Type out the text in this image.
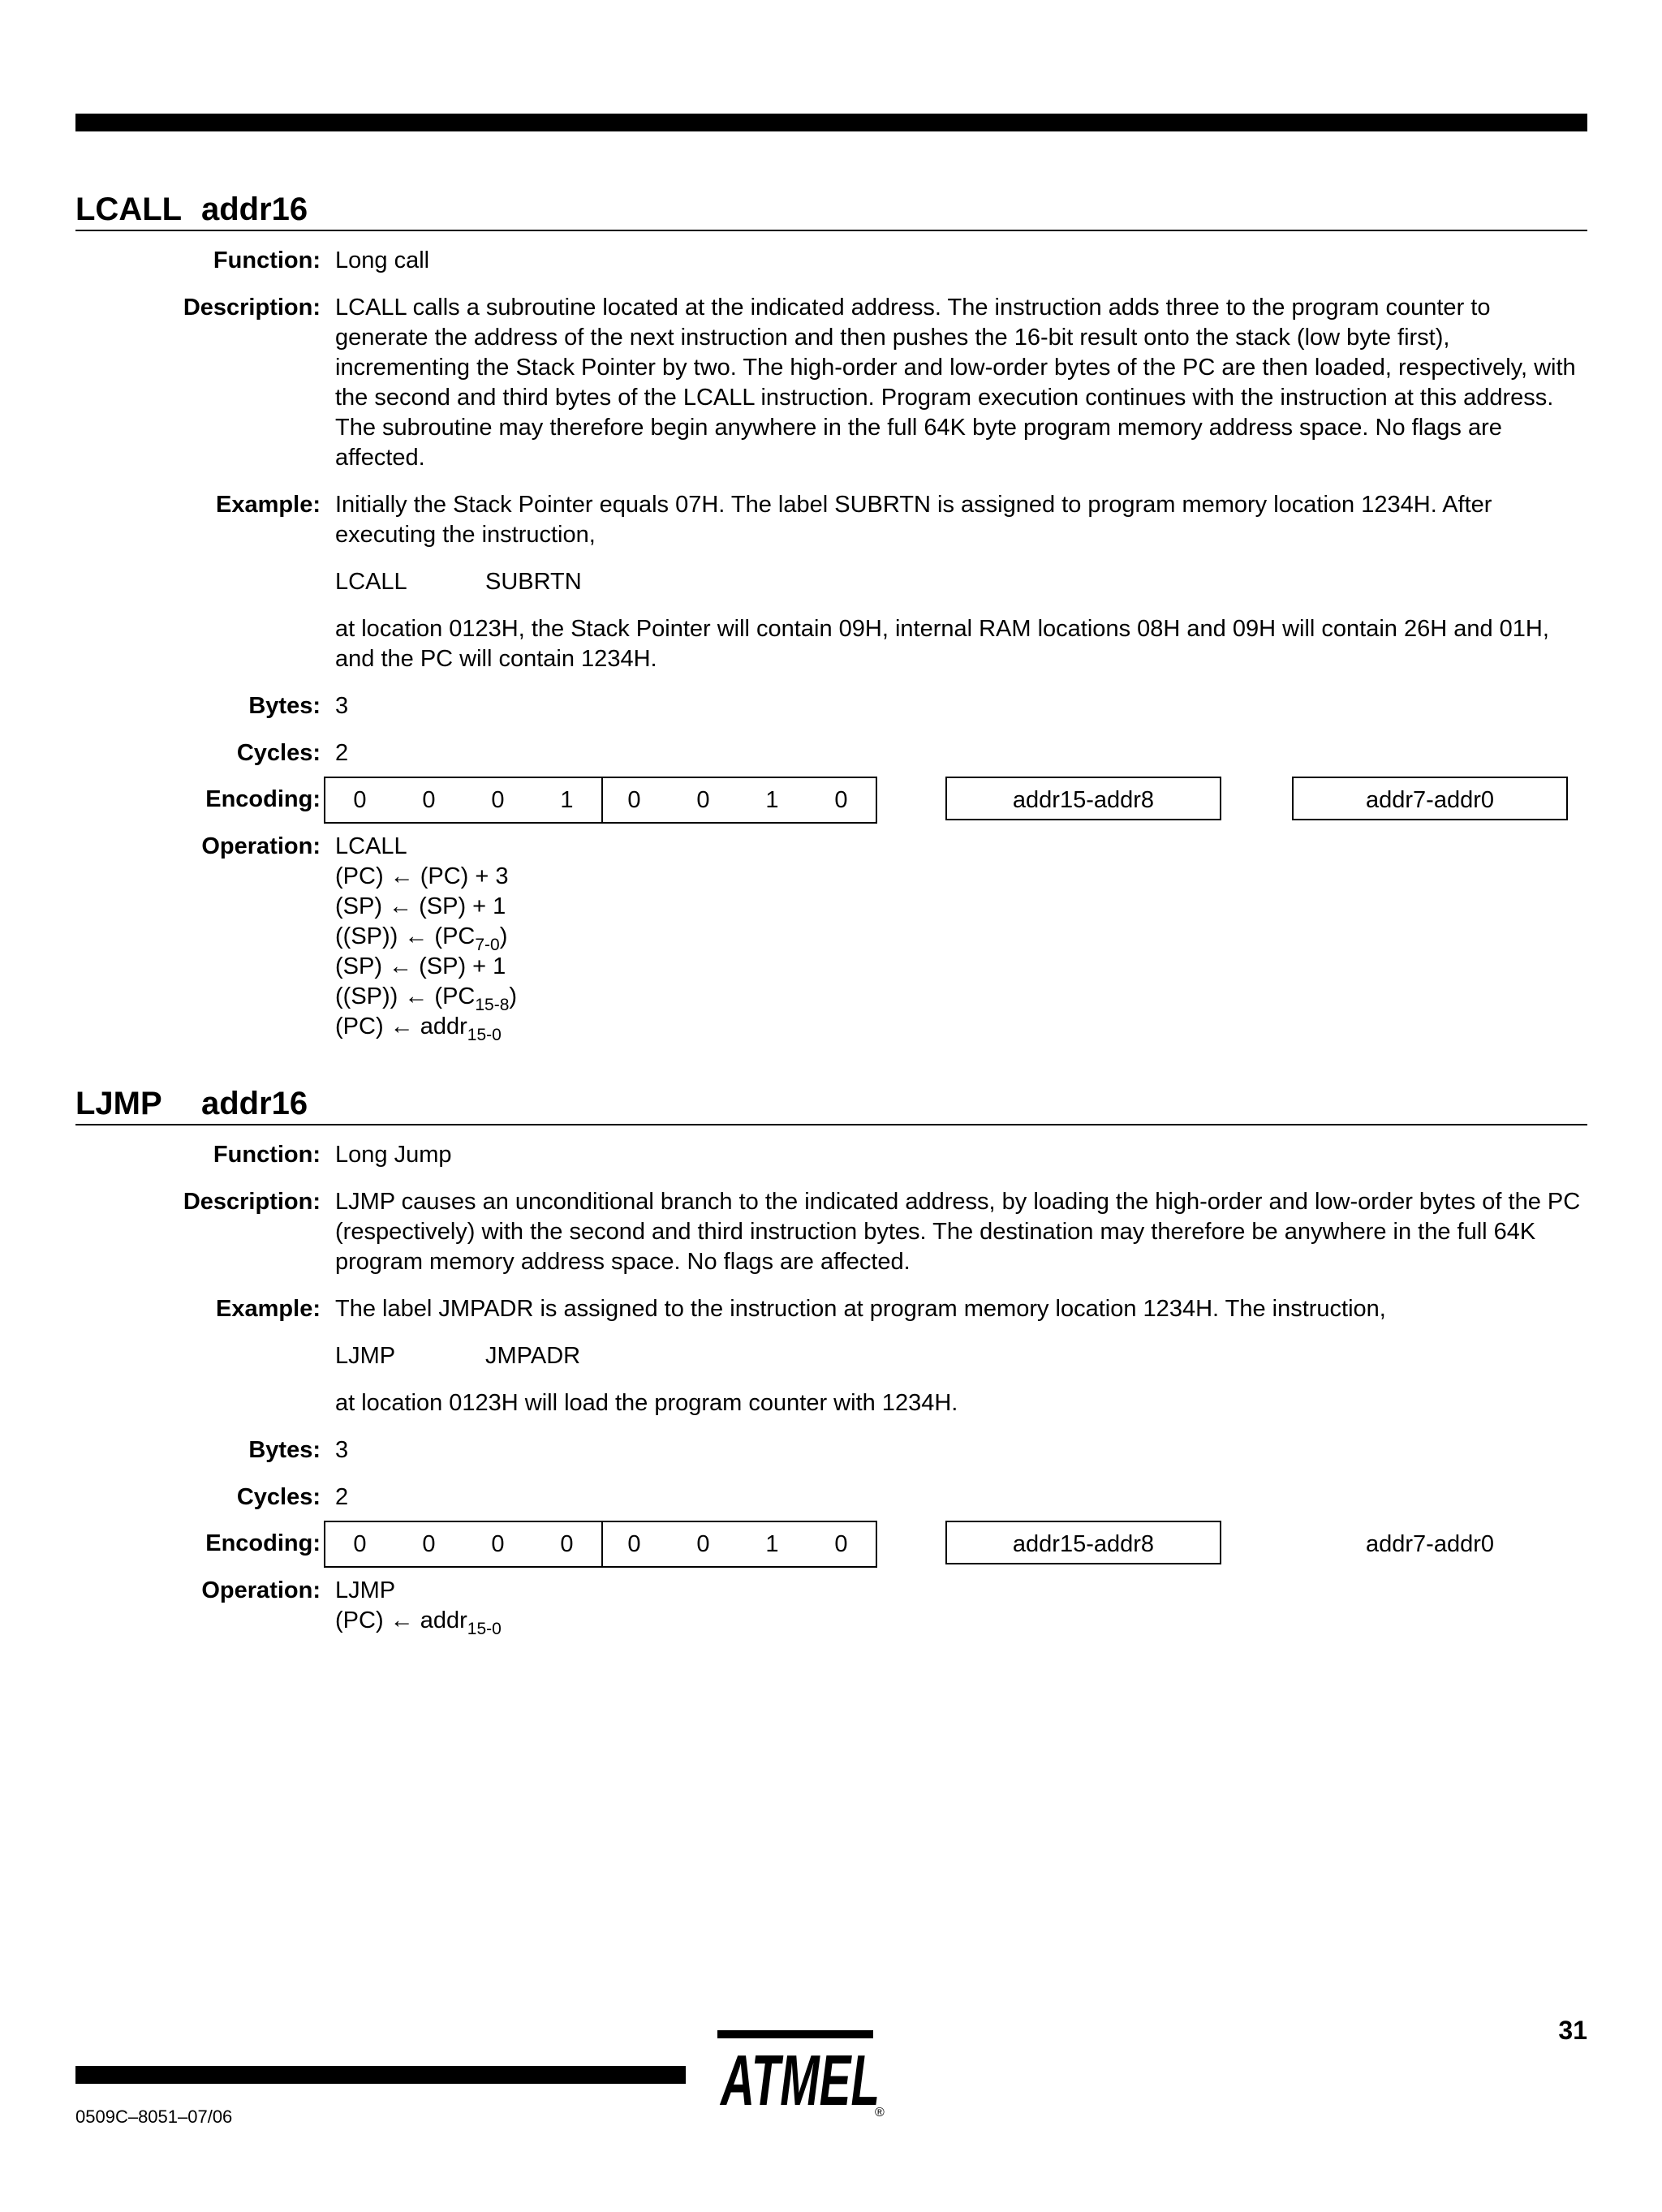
LCALL addr16
Function: Long call

Description: LCALL calls a subroutine located at the indicated address. The instruction adds three to the program counter to generate the address of the next instruction and then pushes the 16-bit result onto the stack (low byte first), incrementing the Stack Pointer by two. The high-order and low-order bytes of the PC are then loaded, respectively, with the second and third bytes of the LCALL instruction. Program execution continues with the instruction at this address. The subroutine may therefore begin anywhere in the full 64K byte program memory address space. No flags are affected.

Example: Initially the Stack Pointer equals 07H. The label SUBRTN is assigned to program memory location 1234H. After executing the instruction,

LCALL	SUBRTN

at location 0123H, the Stack Pointer will contain 09H, internal RAM locations 08H and 09H will contain 26H and 01H, and the PC will contain 1234H.

Bytes: 3

Cycles: 2

Encoding:	0	0	0	1	0	0	1	0	addr15-addr8	addr7-addr0
Operation: LCALL

(PC) ← (PC) + 3

(SP) ← (SP) + 1

((SP)) ← $(PC_{7-0})$

(SP) ← (SP) + 1

((SP)) ← $(PC_{15-8})$

(PC) ← addr$_{15-0}$

LJMP addr16
Function: Long Jump

Description: LJMP causes an unconditional branch to the indicated address, by loading the high-order and low-order bytes of the PC (respectively) with the second and third instruction bytes. The destination may therefore be anywhere in the full 64K program memory address space. No flags are affected.

Example: The label JMPADR is assigned to the instruction at program memory location 1234H. The instruction,

LJMP	JMPADR

at location 0123H will load the program counter with 1234H.

Bytes: 3

Cycles: 2

Encoding:	0	0	0	0	0	0	1	0	addr15-addr8	addr7-addr0
Operation: LJMP

(PC) ← addr$_{15-0}$

ATMEL
®
31
0509C–8051–07/06
